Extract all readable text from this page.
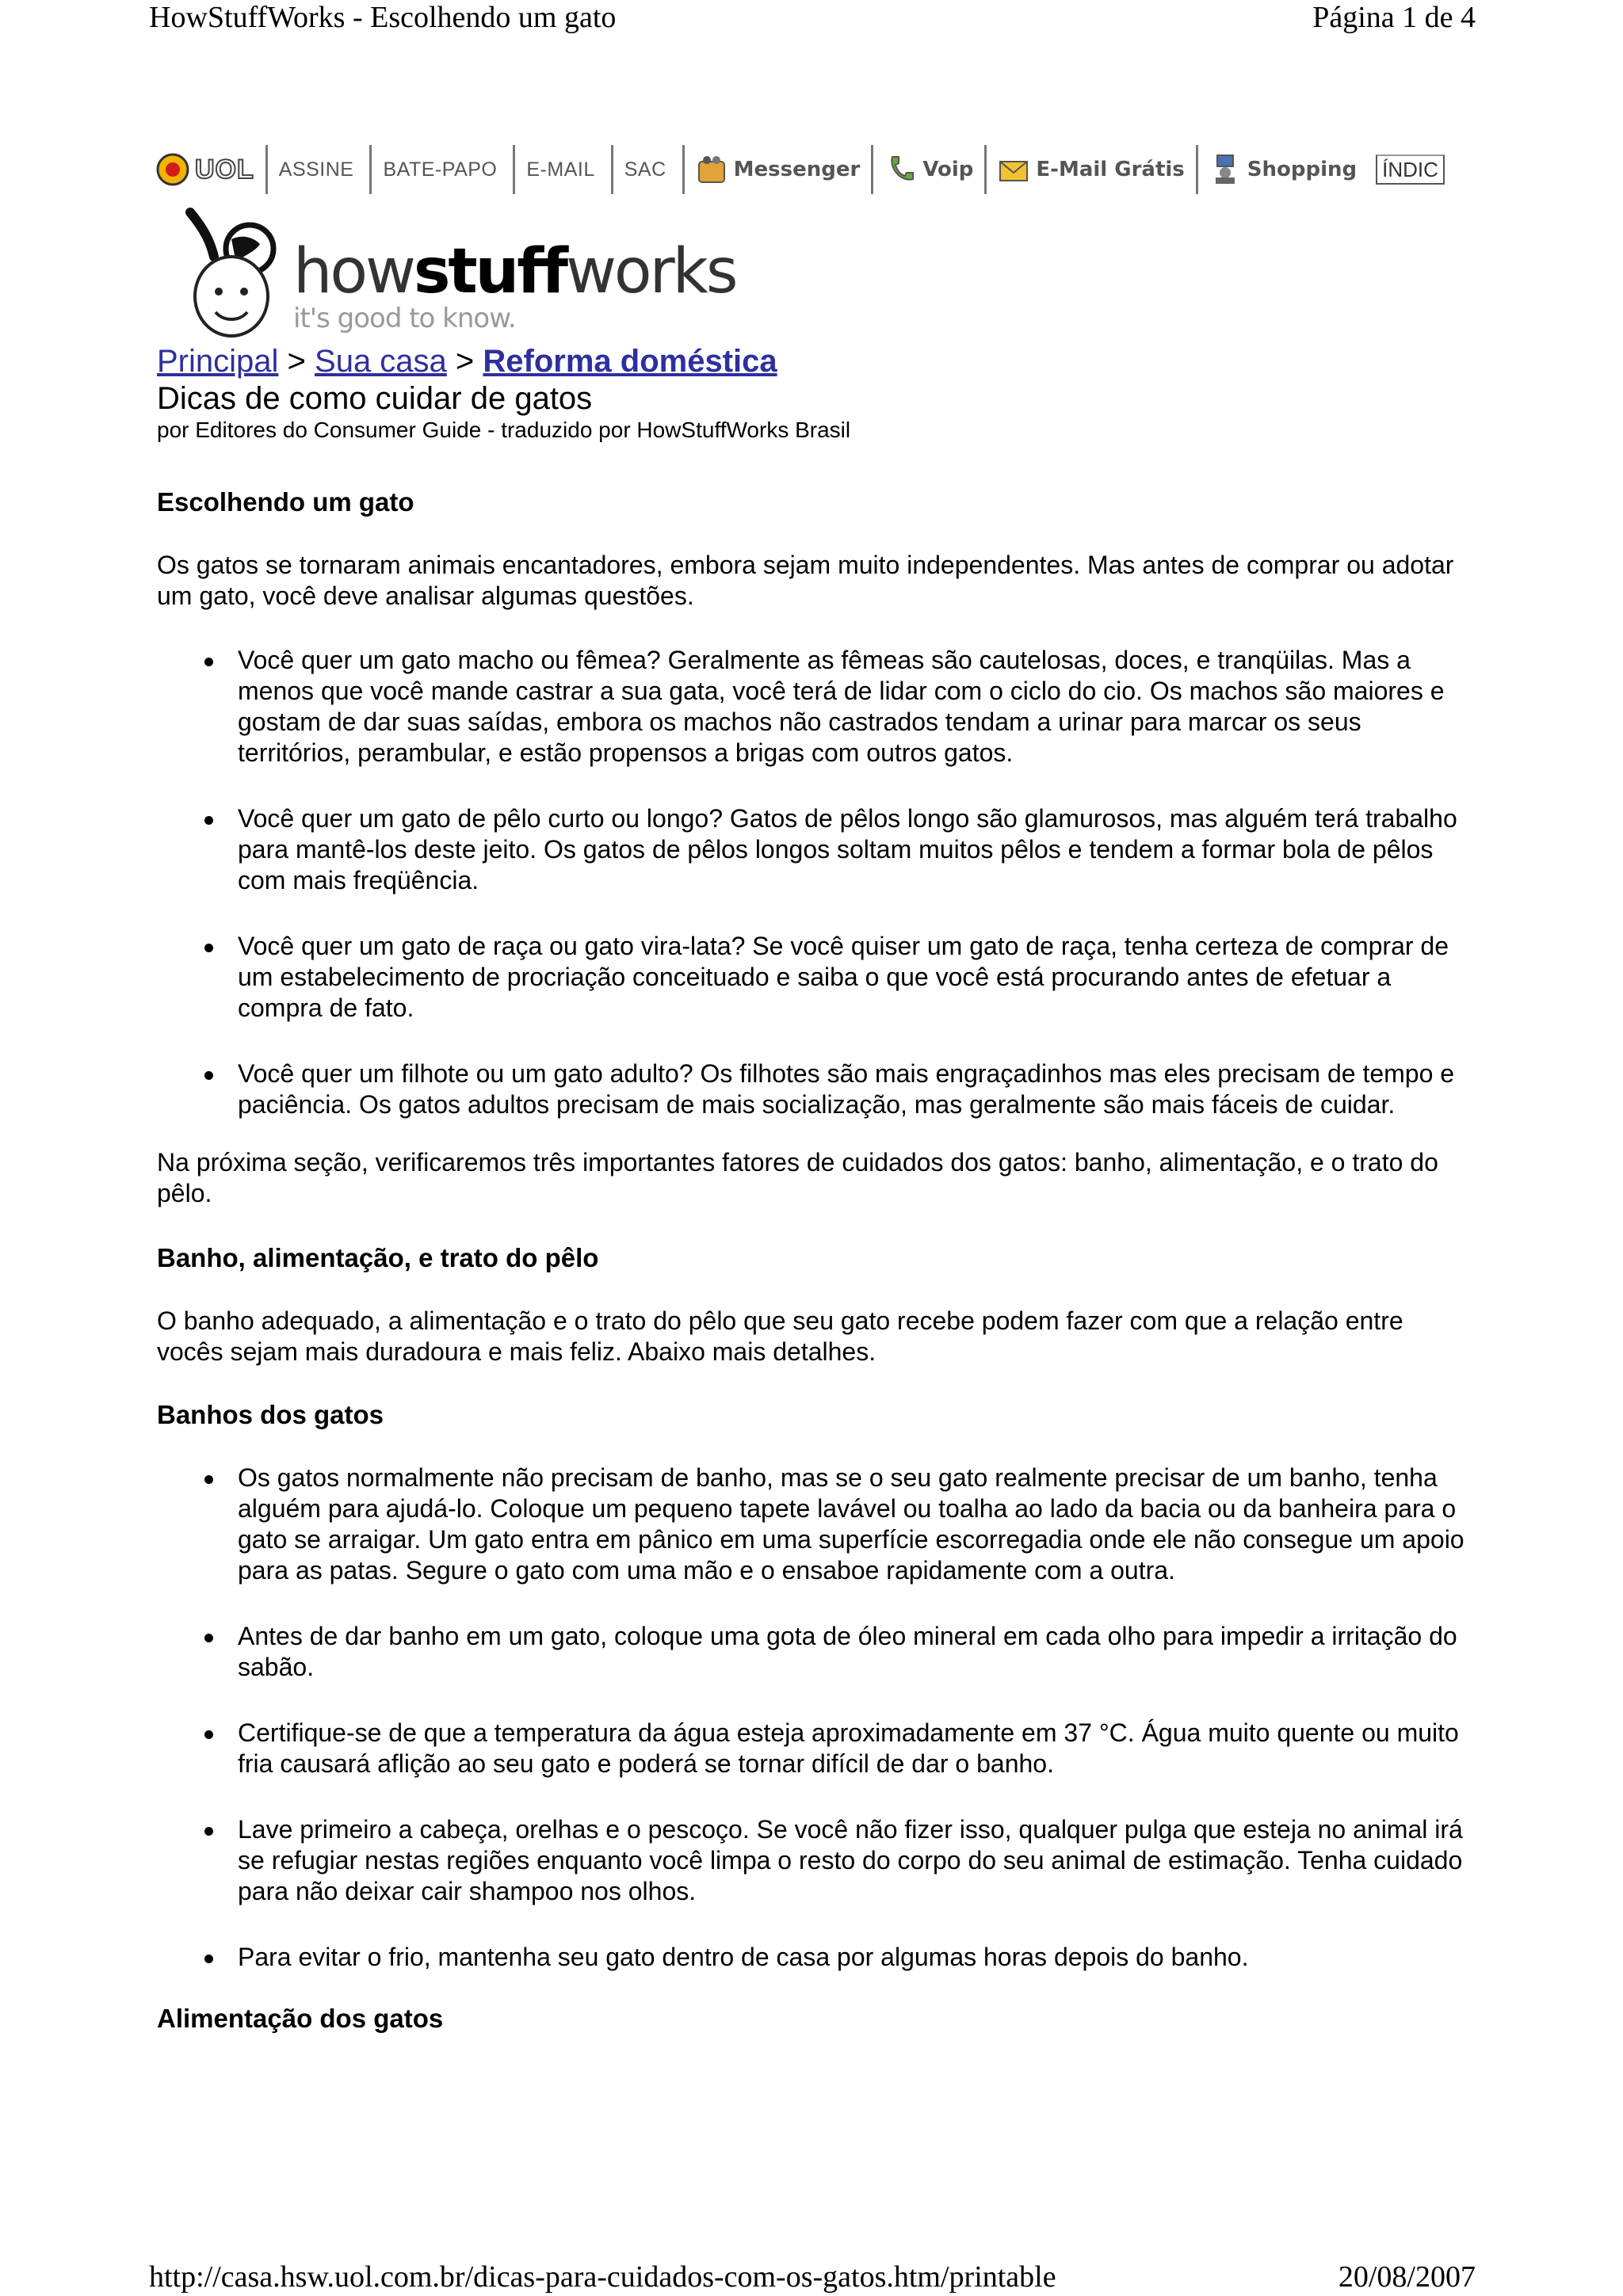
HowStuffWorks - Escolhendo um gato	Página 1 de 4
UOL ASSINE BATE-PAPO E-MAIL SAC	Messenger	Voip	E-Mail Grátis	Shopping	ÍNDIC
howstuffworks
it's good to know.
Principal > Sua casa > Reforma doméstica
Dicas de como cuidar de gatos
por Editores do Consumer Guide - traduzido por HowStuffWorks Brasil
Escolhendo um gato

Os gatos se tornaram animais encantadores, embora sejam muito independentes. Mas antes de comprar ou adotar um gato, você deve analisar algumas questões.

Você quer um gato macho ou fêmea? Geralmente as fêmeas são cautelosas, doces, e tranqüilas. Mas a menos que você mande castrar a sua gata, você terá de lidar com o ciclo do cio. Os machos são maiores e gostam de dar suas saídas, embora os machos não castrados tendam a urinar para marcar os seus territórios, perambular, e estão propensos a brigas com outros gatos.
Você quer um gato de pêlo curto ou longo? Gatos de pêlos longo são glamurosos, mas alguém terá trabalho para mantê-los deste jeito. Os gatos de pêlos longos soltam muitos pêlos e tendem a formar bola de pêlos com mais freqüência.
Você quer um gato de raça ou gato vira-lata? Se você quiser um gato de raça, tenha certeza de comprar de um estabelecimento de procriação conceituado e saiba o que você está procurando antes de efetuar a compra de fato.
Você quer um filhote ou um gato adulto? Os filhotes são mais engraçadinhos mas eles precisam de tempo e paciência. Os gatos adultos precisam de mais socialização, mas geralmente são mais fáceis de cuidar.

Na próxima seção, verificaremos três importantes fatores de cuidados dos gatos: banho, alimentação, e o trato do pêlo.

Banho, alimentação, e trato do pêlo

O banho adequado, a alimentação e o trato do pêlo que seu gato recebe podem fazer com que a relação entre vocês sejam mais duradoura e mais feliz. Abaixo mais detalhes.

Banhos dos gatos
Os gatos normalmente não precisam de banho, mas se o seu gato realmente precisar de um banho, tenha alguém para ajudá-lo. Coloque um pequeno tapete lavável ou toalha ao lado da bacia ou da banheira para o gato se arraigar. Um gato entra em pânico em uma superfície escorregadia onde ele não consegue um apoio para as patas. Segure o gato com uma mão e o ensaboe rapidamente com a outra.
Antes de dar banho em um gato, coloque uma gota de óleo mineral em cada olho para impedir a irritação do sabão.
Certifique-se de que a temperatura da água esteja aproximadamente em 37 °C. Água muito quente ou muito fria causará aflição ao seu gato e poderá se tornar difícil de dar o banho.
Lave primeiro a cabeça, orelhas e o pescoço. Se você não fizer isso, qualquer pulga que esteja no animal irá se refugiar nestas regiões enquanto você limpa o resto do corpo do seu animal de estimação. Tenha cuidado para não deixar cair shampoo nos olhos.
Para evitar o frio, mantenha seu gato dentro de casa por algumas horas depois do banho.
Alimentação dos gatos
http://casa.hsw.uol.com.br/dicas-para-cuidados-com-os-gatos.htm/printable	20/08/2007
